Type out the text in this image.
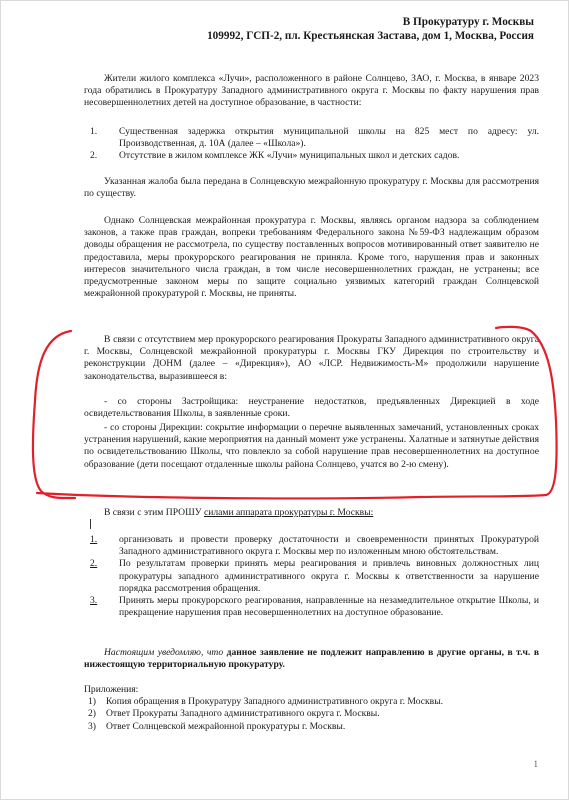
В Прокуратуру г. Москвы
109992, ГСП-2, пл. Крестьянская Застава, дом 1, Москва, Россия
Жители жилого комплекса «Лучи», расположенного в районе Солнцево, ЗАО, г. Москва, в январе 2023 года обратились в Прокуратуру Западного административного округа г. Москвы по факту нарушения прав несовершеннолетних детей на доступное образование, в частности:
1. Существенная задержка открытия муниципальной школы на 825 мест по адресу: ул. Производственная, д. 10А (далее – «Школа»).
2. Отсутствие в жилом комплексе ЖК «Лучи» муниципальных школ и детских садов.
Указанная жалоба была передана в Солнцевскую межрайонную прокуратуру г. Москвы для рассмотрения по существу.
Однако Солнцевская межрайонная прокуратура г. Москвы, являясь органом надзора за соблюдением законов, а также прав граждан, вопреки требованиям Федерального закона №59-ФЗ надлежащим образом доводы обращения не рассмотрела, по существу поставленных вопросов мотивированный ответ заявителю не предоставила, меры прокурорского реагирования не приняла. Кроме того, нарушения прав и законных интересов значительного числа граждан, в том числе несовершеннолетних граждан, не устранены; все предусмотренные законом меры по защите социально уязвимых категорий граждан Солнцевской межрайонной прокуратурой г. Москвы, не приняты.
В связи с отсутствием мер прокурорского реагирования Прокураты Западного административного округа г. Москвы, Солнцевской межрайонной прокуратуры г. Москвы ГКУ Дирекция по строительству и реконструкции ДОНМ (далее – «Дирекция»), АО «ЛСР. Недвижимость-М» продолжили нарушение законодательства, выразившееся в:
- со стороны Застройщика: неустранение недостатков, предъявленных Дирекцией в ходе освидетельствования Школы, в заявленные сроки.
- со стороны Дирекции: сокрытие информации о перечне выявленных замечаний, установленных сроках устранения нарушений, какие мероприятия на данный момент уже устранены. Халатные и затянутые действия по освидетельствованию Школы, что повлекло за собой нарушение прав несовершеннолетних на доступное образование (дети посещают отдаленные школы района Солнцево, учатся во 2-ю смену).
В связи с этим ПРОШУ силами аппарата прокуратуры г. Москвы:
1. организовать и провести проверку достаточности и своевременности принятых Прокуратурой Западного административного округа г. Москвы мер по изложенным мною обстоятельствам.
2. По результатам проверки принять меры реагирования и привлечь виновных должностных лиц прокуратуры западного административного округа г. Москвы к ответственности за нарушение порядка рассмотрения обращения.
3. Принять меры прокурорского реагирования, направленные на незамедлительное открытие Школы, и прекращение нарушения прав несовершеннолетних на доступное образование.
Настоящим уведомляю, что данное заявление не подлежит направлению в другие органы, в т.ч. в нижестоящую территориальную прокуратуру.
Приложения:
1) Копия обращения в Прокуратуру Западного административного округа г. Москвы.
2) Ответ Прокураты Западного административного округа г. Москвы.
3) Ответ Солнцевской межрайонной прокуратуры г. Москвы.
1
